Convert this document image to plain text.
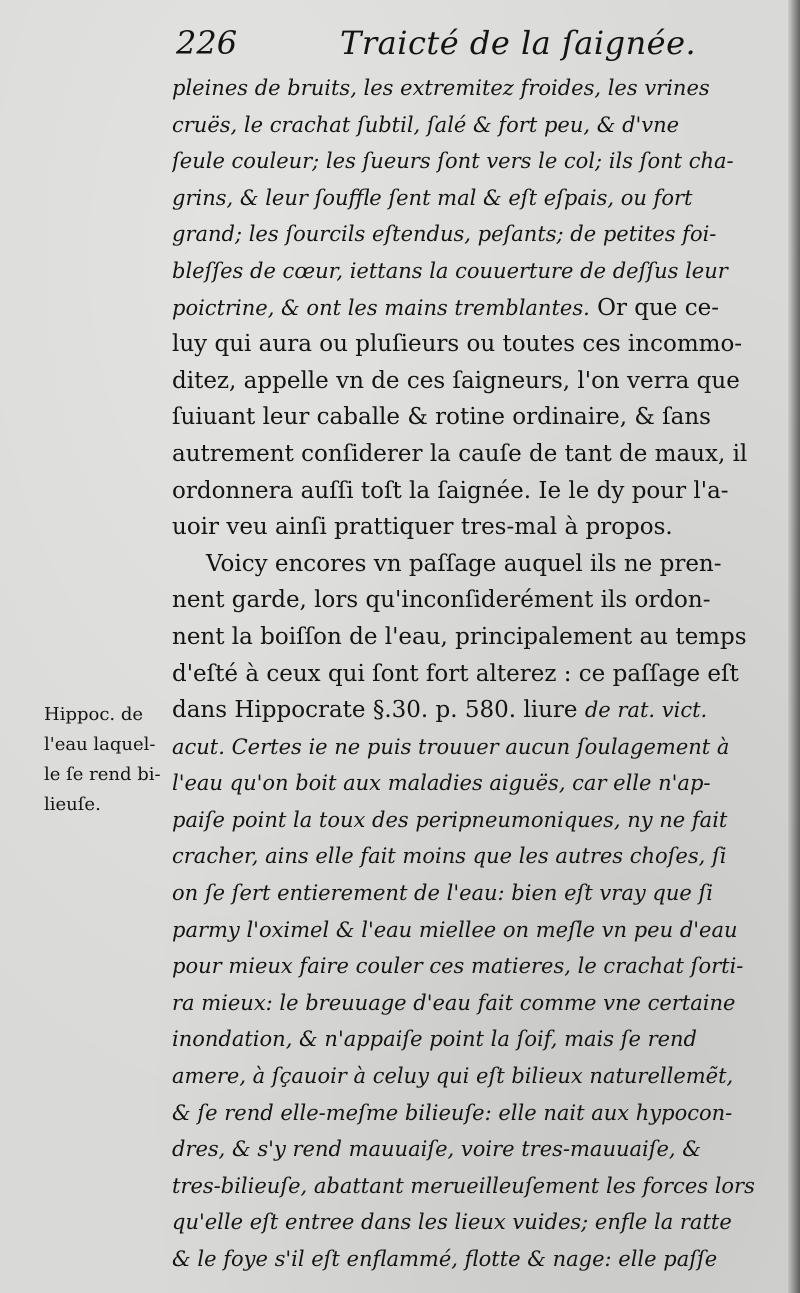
226	Traicté de la ſaignée.
Hippoc. de
l'eau laquel-
le ſe rend bi-
lieuſe.
pleines de bruits, les extremitez froides, les vrines
cruës, le crachat ſubtil, ſalé & fort peu, & d'vne
ſeule couleur; les ſueurs ſont vers le col; ils ſont cha-
grins, & leur ſouffle ſent mal & eſt eſpais, ou fort
grand; les ſourcils eſtendus, peſants; de petites foi-
bleſſes de cœur, iettans la couuerture de deſſus leur
poictrine, & ont les mains tremblantes. Or que ce-
luy qui aura ou pluſieurs ou toutes ces incommo-
ditez, appelle vn de ces ſaigneurs, l'on verra que
ſuiuant leur caballe & rotine ordinaire, & ſans
autrement conſiderer la cauſe de tant de maux, il
ordonnera auſſi toſt la ſaignée. Ie le dy pour l'a-
uoir veu ainſi prattiquer tres-mal à propos.
Voicy encores vn paſſage auquel ils ne pren-
nent garde, lors qu'inconſiderément ils ordon-
nent la boiſſon de l'eau, principalement au temps
d'eſté à ceux qui ſont fort alterez : ce paſſage eſt
dans Hippocrate §.30. p. 580. liure de rat. vict.
acut. Certes ie ne puis trouuer aucun ſoulagement à
l'eau qu'on boit aux maladies aiguës, car elle n'ap-
paiſe point la toux des peripneumoniques, ny ne fait
cracher, ains elle fait moins que les autres choſes, ſi
on ſe ſert entierement de l'eau: bien eſt vray que ſi
parmy l'oximel & l'eau miellee on meſle vn peu d'eau
pour mieux faire couler ces matieres, le crachat ſorti-
ra mieux: le breuuage d'eau fait comme vne certaine
inondation, & n'appaiſe point la ſoif, mais ſe rend
amere, à ſçauoir à celuy qui eſt bilieux naturellemẽt,
& ſe rend elle-meſme bilieuſe: elle nait aux hypocon-
dres, & s'y rend mauuaiſe, voire tres-mauuaiſe, &
tres-bilieuſe, abattant merueilleuſement les forces lors
qu'elle eſt entree dans les lieux vuides; enfle la ratte
& le foye s'il eſt enflammé, flotte & nage: elle paſſe
